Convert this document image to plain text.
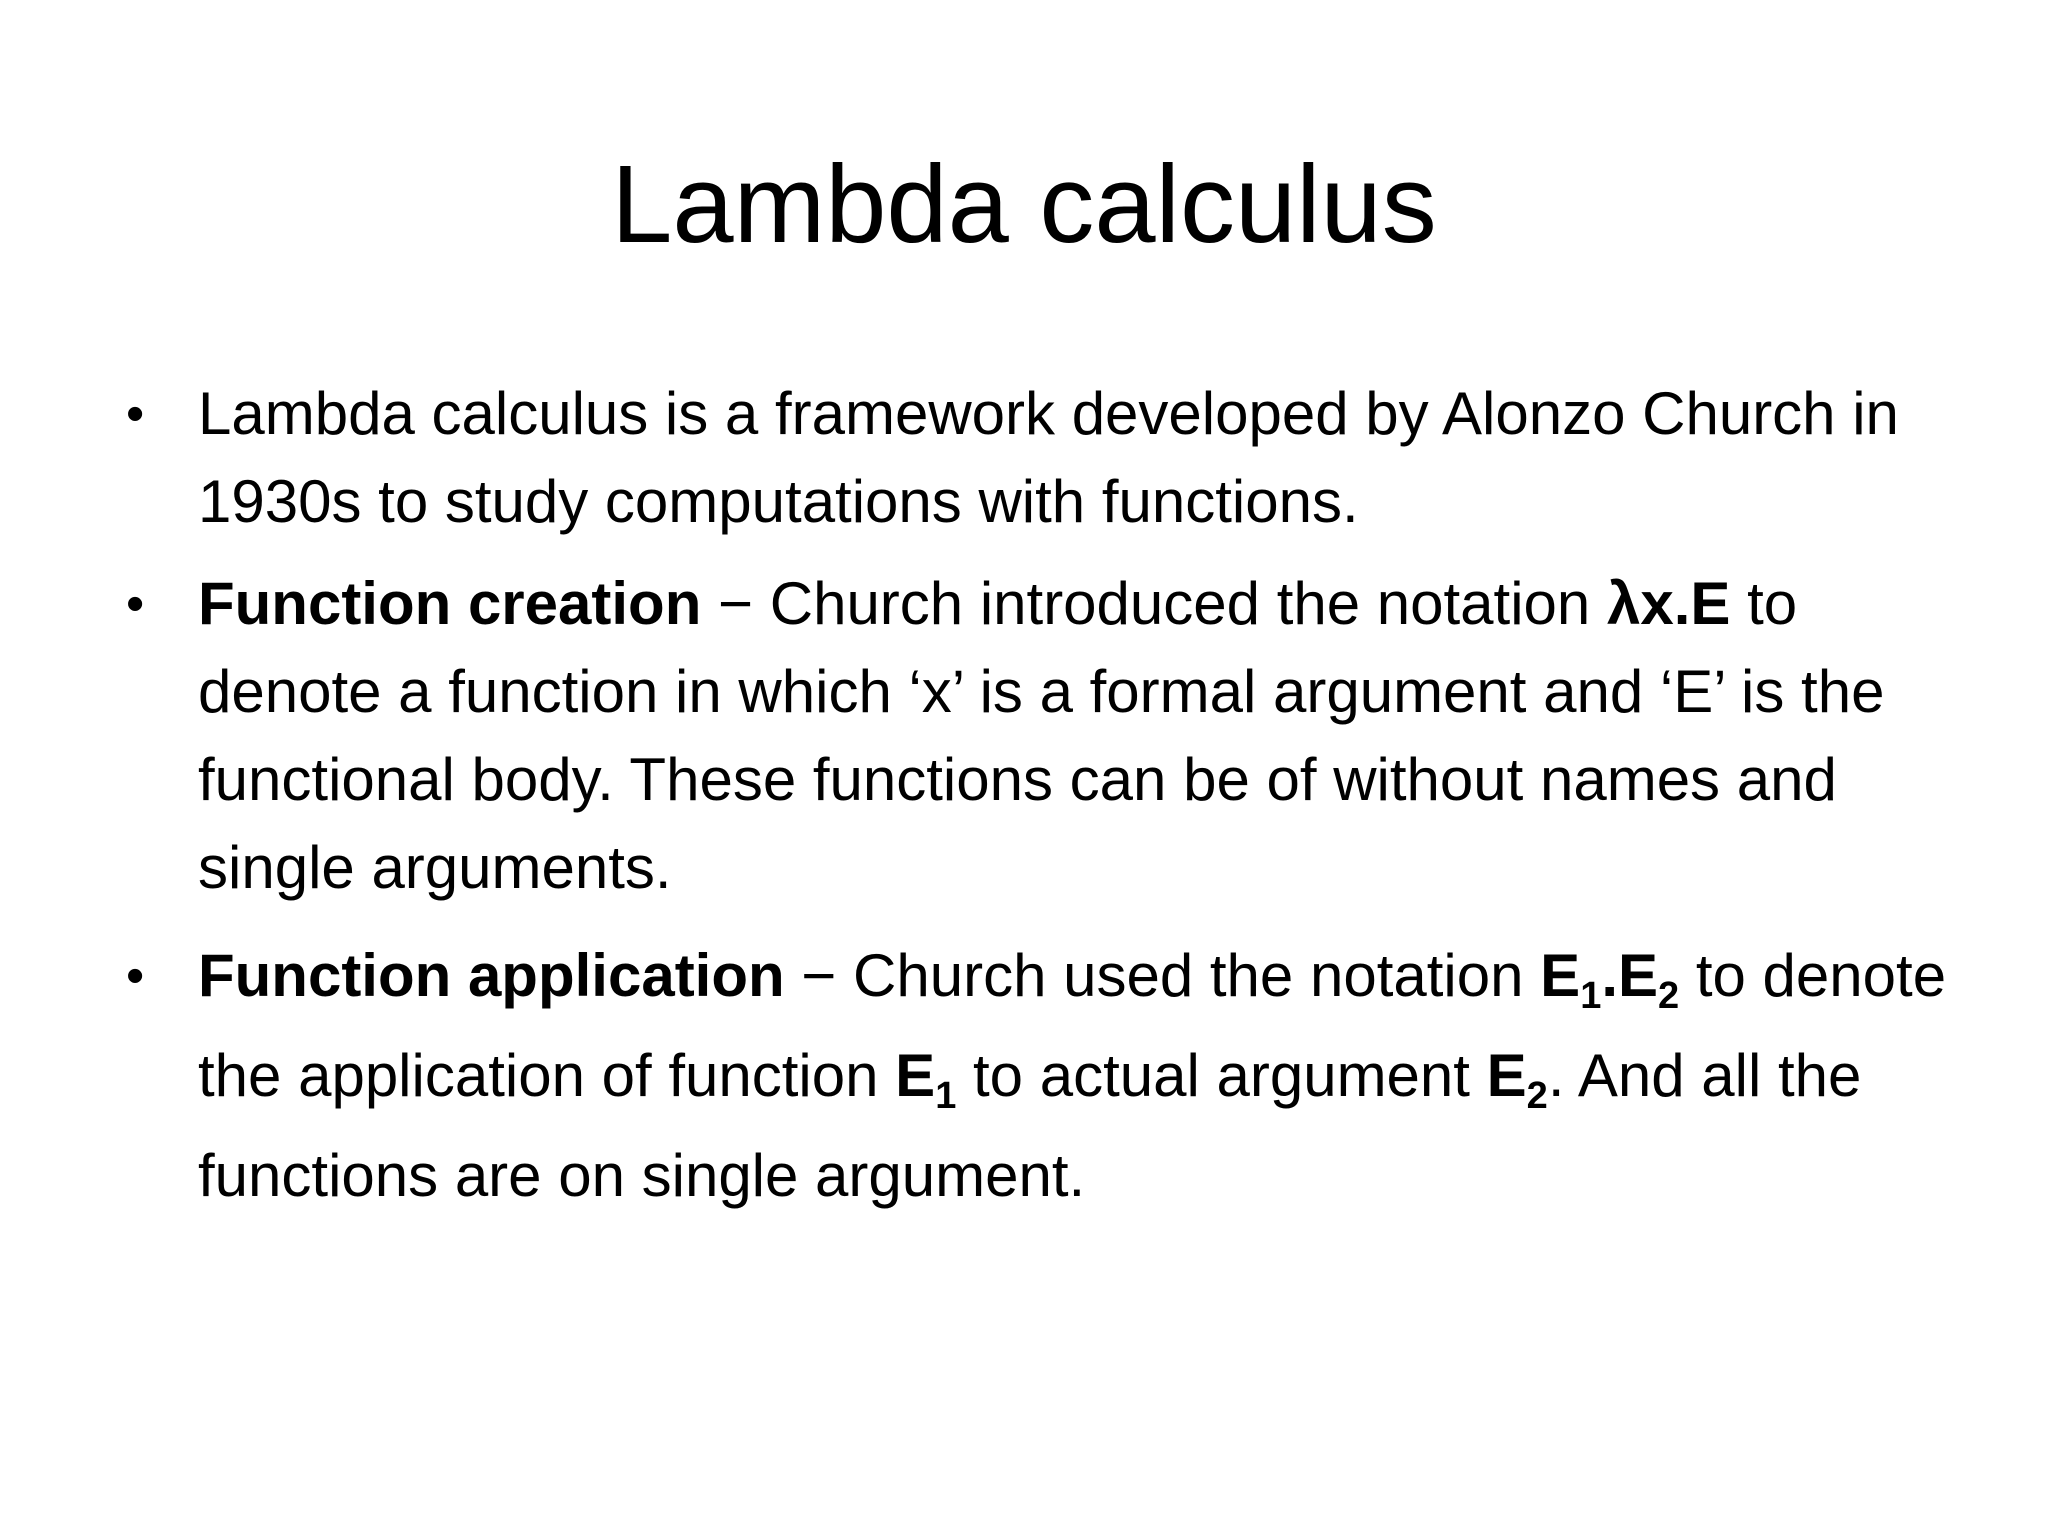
Lambda calculus
• Lambda calculus is a framework developed by Alonzo Church in 1930s to study computations with functions.
• Function creation − Church introduced the notation λx.E to denote a function in which ‘x’ is a formal argument and ‘E’ is the functional body. These functions can be of without names and single arguments.
• Function application − Church used the notation $E_1.E_2$ to denote the application of function $E_1$ to actual argument $E_2$. And all the functions are on single argument.
